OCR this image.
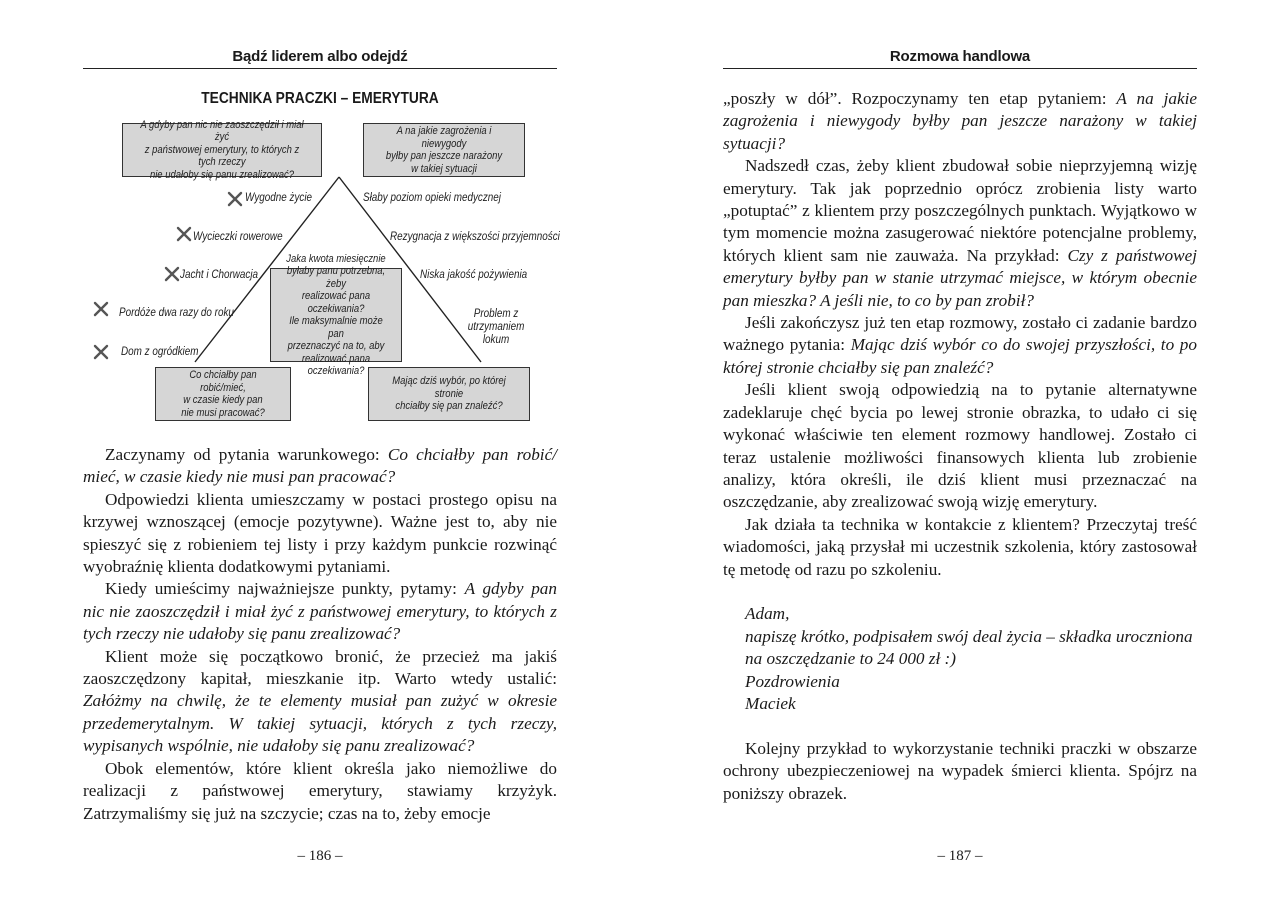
Bądź liderem albo odejdź
TECHNIKA PRACZKI – EMERYTURA
A gdyby pan nic nie zaoszczędził i miał żyć
z państwowej emerytury, to których z tych rzeczy
nie udałoby się panu zrealizować?
A na jakie zagrożenia i niewygody
byłby pan jeszcze narażony
w takiej sytuacji
Jaka kwota miesięcznie
byłaby panu potrzebna, żeby
realizować pana oczekiwania?
Ile maksymalnie może pan
przeznaczyć na to, aby
realizować pana oczekiwania?
Co chciałby pan robić/mieć,
w czasie kiedy pan
nie musi pracować?
Mając dziś wybór, po której stronie
chciałby się pan znaleźć?
Wygodne życie
Wycieczki rowerowe
Jacht i Chorwacja
Pordóże dwa razy do roku
Dom z ogródkiem
Słaby poziom opieki medycznej
Rezygnacja z większości przyjemności
Niska jakość pożywienia
Problem z utrzymaniem
lokum

Zaczynamy od pytania warunkowego: Co chciałby pan robić/ mieć, w czasie kiedy nie musi pan pracować?

Odpowiedzi klienta umieszczamy w postaci prostego opisu na krzywej wznoszącej (emocje pozytywne). Ważne jest to, aby nie spieszyć się z robieniem tej listy i przy każdym punkcie rozwinąć wyobraźnię klienta dodatkowymi pytaniami.

Kiedy umieścimy najważniejsze punkty, pytamy: A gdyby pan nic nie zaoszczędził i miał żyć z państwowej emerytury, to których z tych rzeczy nie udałoby się panu zrealizować?

Klient może się początkowo bronić, że przecież ma jakiś zaoszczędzony kapitał, mieszkanie itp. Warto wtedy ustalić: Załóżmy na chwilę, że te elementy musiał pan zużyć w okresie przedemerytalnym. W takiej sytuacji, których z tych rzeczy, wypisanych wspólnie, nie udałoby się panu zrealizować?

Obok elementów, które klient określa jako niemożliwe do realizacji z państwowej emerytury, stawiamy krzyżyk. Zatrzymaliśmy się już na szczycie; czas na to, żeby emocje

– 186 –
Rozmowa handlowa

„poszły w dół”. Rozpoczynamy ten etap pytaniem: A na jakie zagrożenia i niewygody byłby pan jeszcze narażony w takiej sytuacji?

Nadszedł czas, żeby klient zbudował sobie nieprzyjemną wizję emerytury. Tak jak poprzednio oprócz zrobienia listy warto „potuptać” z klientem przy poszczególnych punktach. Wyjątkowo w tym momencie można zasugerować niektóre potencjalne problemy, których klient sam nie zauważa. Na przykład: Czy z państwowej emerytury byłby pan w stanie utrzymać miejsce, w którym obecnie pan mieszka? A jeśli nie, to co by pan zrobił?

Jeśli zakończysz już ten etap rozmowy, zostało ci zadanie bardzo ważnego pytania: Mając dziś wybór co do swojej przyszłości, to po której stronie chciałby się pan znaleźć?

Jeśli klient swoją odpowiedzią na to pytanie alternatywne zadeklaruje chęć bycia po lewej stronie obrazka, to udało ci się wykonać właściwie ten element rozmowy handlowej. Zostało ci teraz ustalenie możliwości finansowych klienta lub zrobienie analizy, która określi, ile dziś klient musi przeznaczać na oszczędzanie, aby zrealizować swoją wizję emerytury.

Jak działa ta technika w kontakcie z klientem? Przeczytaj treść wiadomości, jaką przysłał mi uczestnik szkolenia, który zastosował tę metodę od razu po szkoleniu.

Adam,

napiszę krótko, podpisałem swój deal życia – składka uroczniona na oszczędzanie to 24 000 zł :)

Pozdrowienia

Maciek

Kolejny przykład to wykorzystanie techniki praczki w obszarze ochrony ubezpieczeniowej na wypadek śmierci klienta. Spójrz na poniższy obrazek.

– 187 –
